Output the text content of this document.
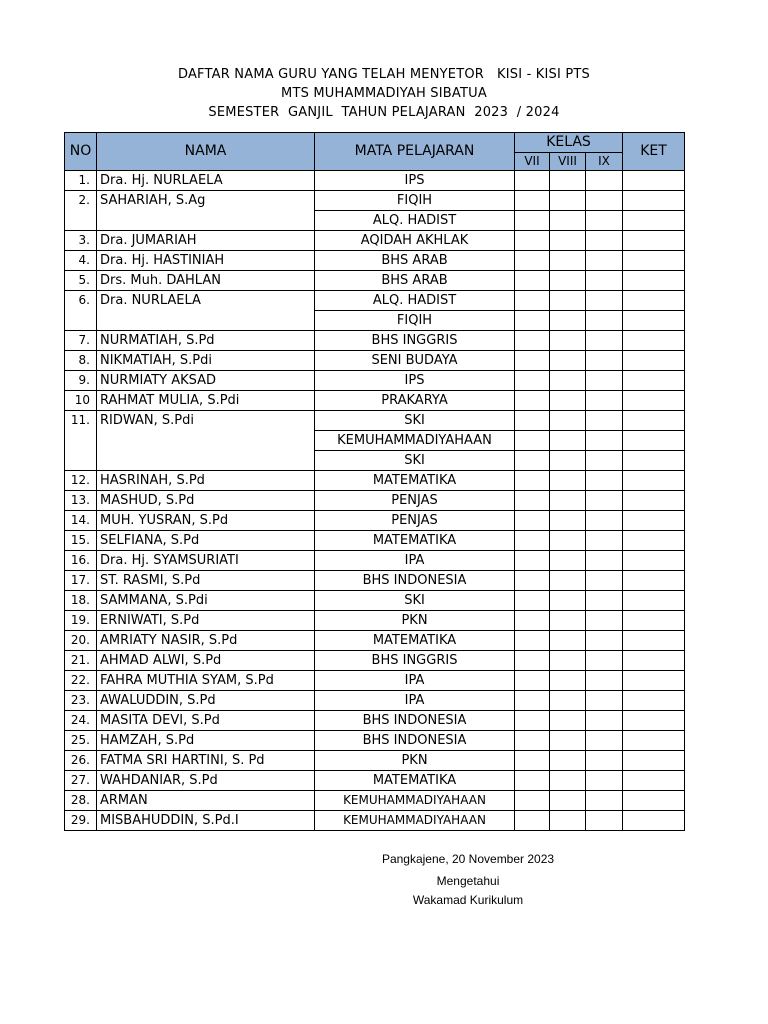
DAFTAR NAMA GURU YANG TELAH MENYETOR   KISI - KISI PTS
MTS MUHAMMADIYAH SIBATUA
SEMESTER  GANJIL  TAHUN PELAJARAN  2023  / 2024
NO	NAMA	MATA PELAJARAN	KELAS			KET
			VII	VIII	IX	
1.	Dra. Hj. NURLAELA	IPS				
2.	SAHARIAH, S.Ag	FIQIH				
		ALQ. HADIST				
3.	Dra. JUMARIAH	AQIDAH AKHLAK				
4.	Dra. Hj. HASTINIAH	BHS ARAB				
5.	Drs. Muh. DAHLAN	BHS ARAB				
6.	Dra. NURLAELA	ALQ. HADIST				
		FIQIH				
7.	NURMATIAH, S.Pd	BHS INGGRIS				
8.	NIKMATIAH, S.Pdi	SENI BUDAYA				
9.	NURMIATY AKSAD	IPS				
10	RAHMAT MULIA, S.Pdi	PRAKARYA				
11.	RIDWAN, S.Pdi	SKI				
		KEMUHAMMADIYAHAAN				
		SKI				
12.	HASRINAH, S.Pd	MATEMATIKA				
13.	MASHUD, S.Pd	PENJAS				
14.	MUH. YUSRAN, S.Pd	PENJAS				
15.	SELFIANA, S.Pd	MATEMATIKA				
16.	Dra. Hj. SYAMSURIATI	IPA				
17.	ST. RASMI, S.Pd	BHS INDONESIA				
18.	SAMMANA, S.Pdi	SKI				
19.	ERNIWATI, S.Pd	PKN				
20.	AMRIATY NASIR, S.Pd	MATEMATIKA				
21.	AHMAD ALWI, S.Pd	BHS INGGRIS				
22.	FAHRA MUTHIA SYAM, S.Pd	IPA				
23.	AWALUDDIN, S.Pd	IPA				
24.	MASITA DEVI, S.Pd	BHS INDONESIA				
25.	HAMZAH, S.Pd	BHS INDONESIA				
26.	FATMA SRI HARTINI, S. Pd	PKN				
27.	WAHDANIAR, S.Pd	MATEMATIKA				
28.	ARMAN	KEMUHAMMADIYAHAAN				
29.	MISBAHUDDIN, S.Pd.I	KEMUHAMMADIYAHAAN				
Pangkajene, 20 November 2023
Mengetahui
Wakamad Kurikulum
